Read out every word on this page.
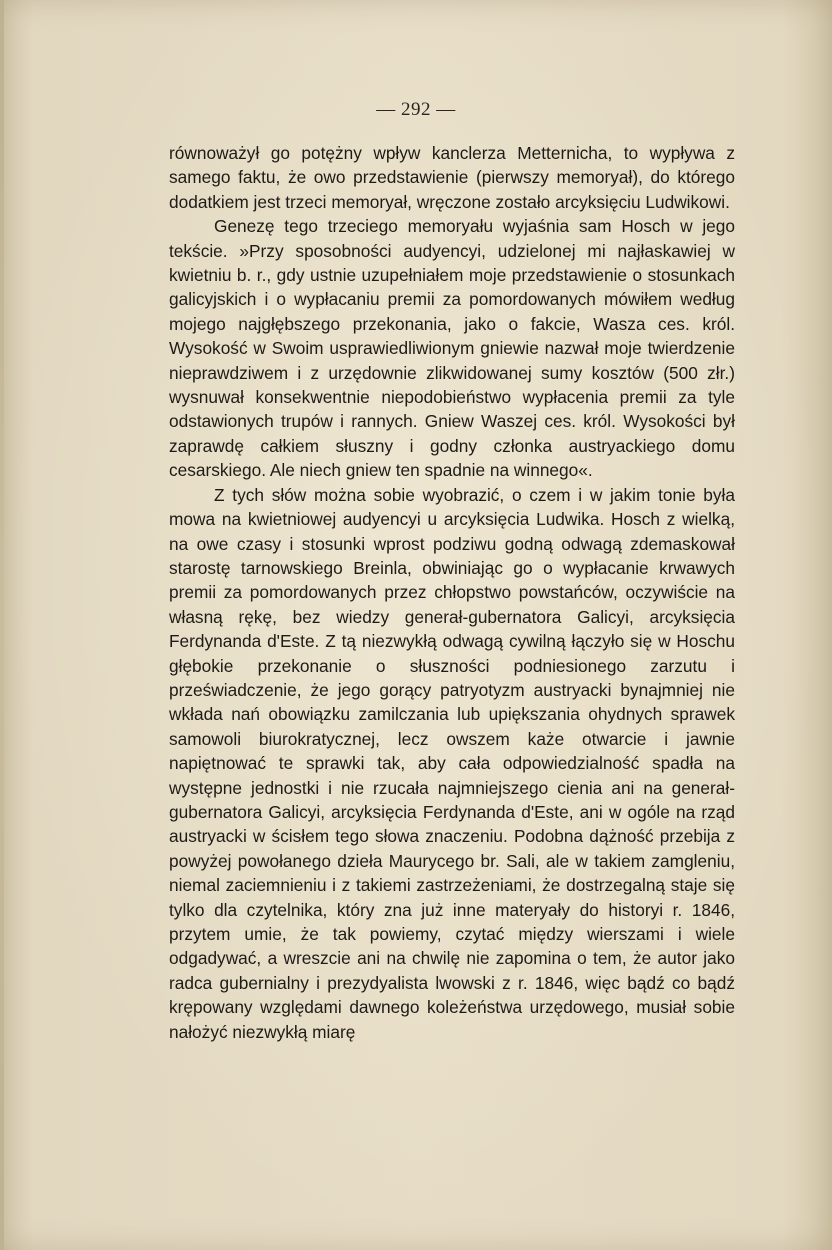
— 292 —

równoważył go potężny wpływ kanclerza Metternicha, to wypływa z samego faktu, że owo przedstawienie (pierwszy memoryał), do którego dodatkiem jest trzeci memoryał, wręczone zostało arcyksięciu Ludwikowi.

Genezę tego trzeciego memoryału wyjaśnia sam Hosch w jego tekście. »Przy sposobności audyencyi, udzielonej mi najłaskawiej w kwietniu b. r., gdy ustnie uzupełniałem moje przedstawienie o stosunkach galicyjskich i o wypłacaniu premii za pomordowanych mówiłem według mojego najgłębszego przekonania, jako o fakcie, Wasza ces. król. Wysokość w Swoim usprawiedliwionym gniewie nazwał moje twierdzenie nieprawdziwem i z urzędownie zlikwidowanej sumy kosztów (500 złr.) wysnuwał konsekwentnie niepodobieństwo wypłacenia premii za tyle odstawionych trupów i rannych. Gniew Waszej ces. król. Wysokości był zaprawdę całkiem słuszny i godny członka austryackiego domu cesarskiego. Ale niech gniew ten spadnie na winnego«.

Z tych słów można sobie wyobrazić, o czem i w jakim tonie była mowa na kwietniowej audyencyi u arcyksięcia Ludwika. Hosch z wielką, na owe czasy i stosunki wprost podziwu godną odwagą zdemaskował starostę tarnowskiego Breinla, obwiniając go o wypłacanie krwawych premii za pomordowanych przez chłopstwo powstańców, oczywiście na własną rękę, bez wiedzy generał-gubernatora Galicyi, arcyksięcia Ferdynanda d'Este. Z tą niezwykłą odwagą cywilną łączyło się w Hoschu głębokie przekonanie o słuszności podniesionego zarzutu i przeświadczenie, że jego gorący patryotyzm austryacki bynajmniej nie wkłada nań obowiązku zamilczania lub upiększania ohydnych sprawek samowoli biurokratycznej, lecz owszem każe otwarcie i jawnie napiętnować te sprawki tak, aby cała odpowiedzialność spadła na występne jednostki i nie rzucała najmniejszego cienia ani na generał-gubernatora Galicyi, arcyksięcia Ferdynanda d'Este, ani w ogóle na rząd austryacki w ścisłem tego słowa znaczeniu. Podobna dążność przebija z powyżej powołanego dzieła Maurycego br. Sali, ale w takiem zamgleniu, niemal zaciemnieniu i z takiemi zastrzeżeniami, że dostrzegalną staje się tylko dla czytelnika, który zna już inne materyały do historyi r. 1846, przytem umie, że tak powiemy, czytać między wierszami i wiele odgadywać, a wreszcie ani na chwilę nie zapomina o tem, że autor jako radca gubernialny i prezydyalista lwowski z r. 1846, więc bądź co bądź krępowany względami dawnego koleżeństwa urzędowego, musiał sobie nałożyć niezwykłą miarę
